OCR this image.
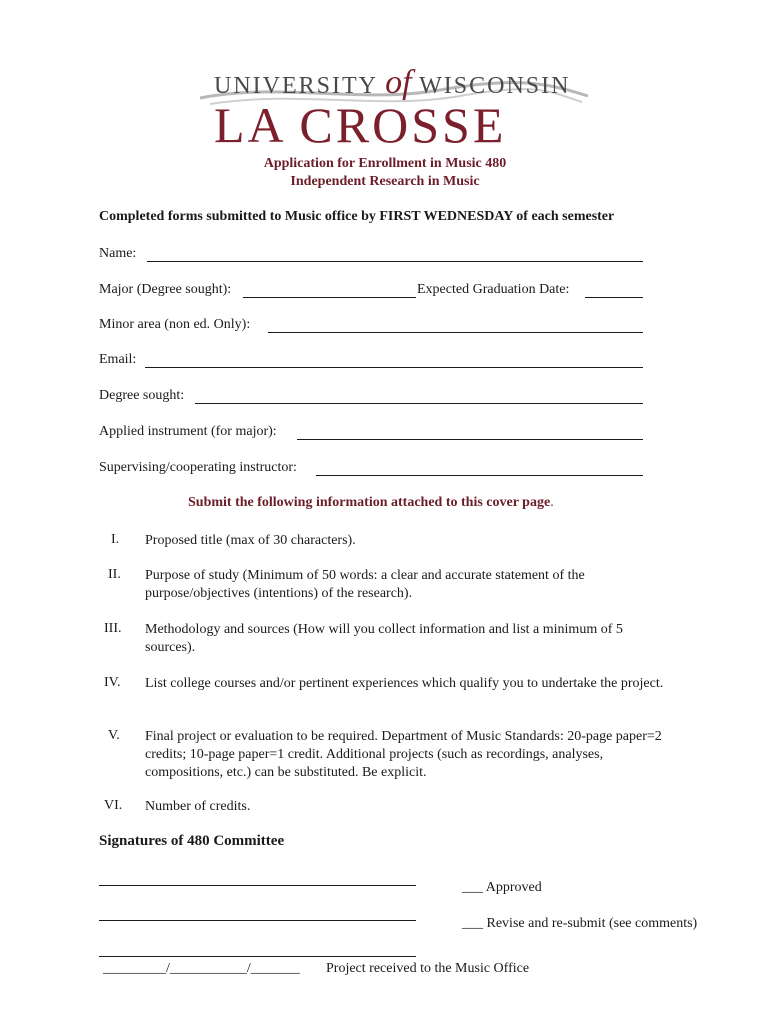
UNIVERSITY of WISCONSIN
LA CROSSE
Application for Enrollment in Music 480
Independent Research in Music
Completed forms submitted to Music office by FIRST WEDNESDAY of each semester
Name:
Major (Degree sought):	Expected Graduation Date:
Minor area (non ed. Only):
Email:
Degree sought:
Applied instrument (for major):
Supervising/cooperating instructor:
Submit the following information attached to this cover page.
I. Proposed title (max of 30 characters).
II. Purpose of study (Minimum of 50 words: a clear and accurate statement of the purpose/objectives (intentions) of the research).
III. Methodology and sources (How will you collect information and list a minimum of 5 sources).
IV. List college courses and/or pertinent experiences which qualify you to undertake the project.
V. Final project or evaluation to be required. Department of Music Standards: 20-page paper=2 credits; 10-page paper=1 credit. Additional projects (such as recordings, analyses, compositions, etc.) can be substituted. Be explicit.
VI. Number of credits.
Signatures of 480 Committee
___ Approved
___ Revise and re-submit (see comments)
_________/___________/_______ Project received to the Music Office
